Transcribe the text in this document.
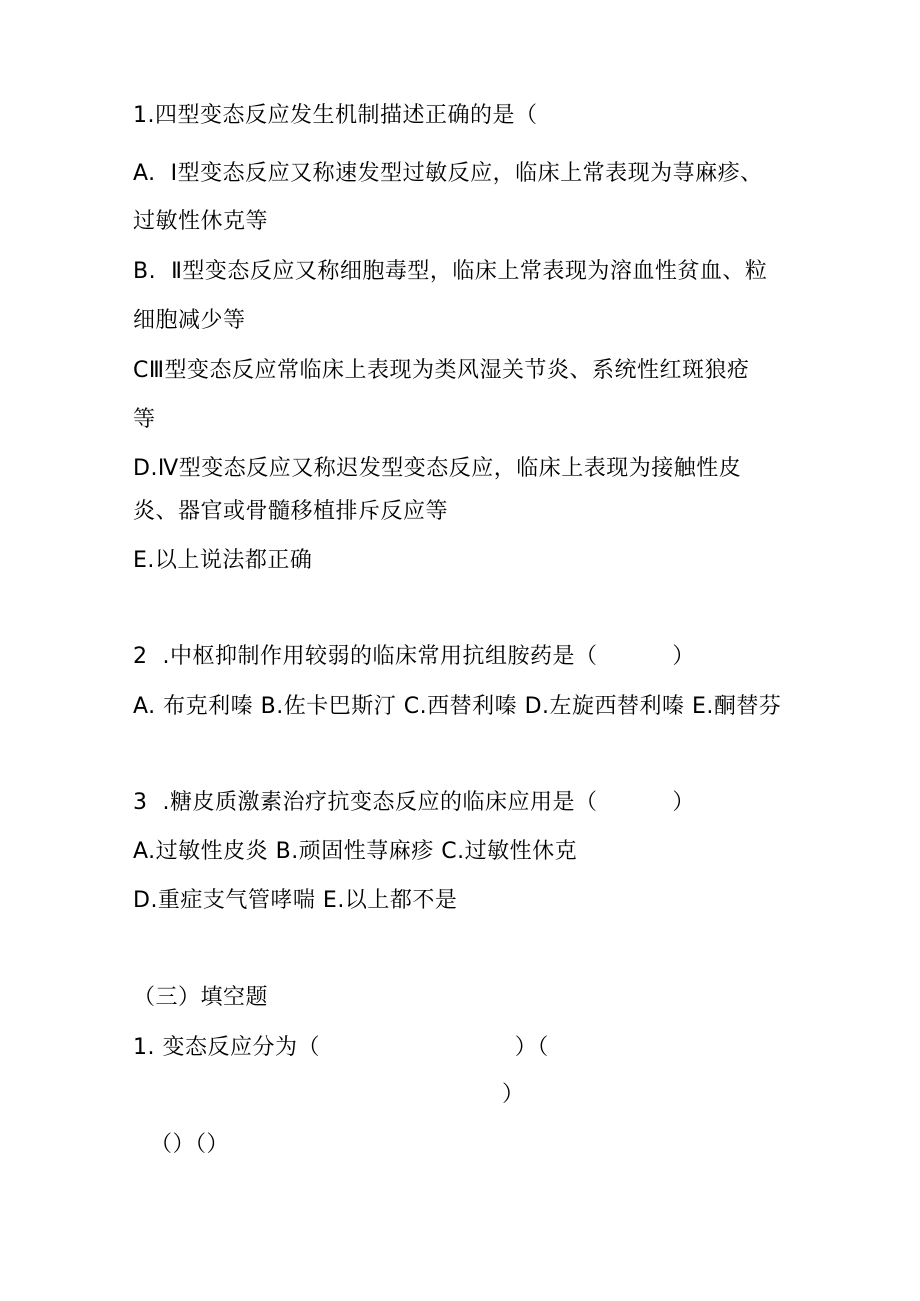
1.四型变态反应发生机制描述正确的是（
A.  Ⅰ型变态反应又称速发型过敏反应，临床上常表现为荨麻疹、
过敏性休克等
B.  Ⅱ型变态反应又称细胞毒型，临床上常表现为溶血性贫血、粒
细胞减少等
CⅢ型变态反应常临床上表现为类风湿关节炎、系统性红斑狼疮
等
D.Ⅳ型变态反应又称迟发型变态反应，临床上表现为接触性皮
炎、器官或骨髓移植排斥反应等
E.以上说法都正确
2  .中枢抑制作用较弱的临床常用抗组胺药是（          ）
A. 布克利嗪 B.佐卡巴斯汀 C.西替利嗪 D.左旋西替利嗪 E.酮替芬
3  .糖皮质激素治疗抗变态反应的临床应用是（          ）
A.过敏性皮炎 B.顽固性荨麻疹 C.过敏性休克
D.重症支气管哮喘 E.以上都不是
（三）填空题
1. 变态反应分为（                          ）（
）
（）（）
